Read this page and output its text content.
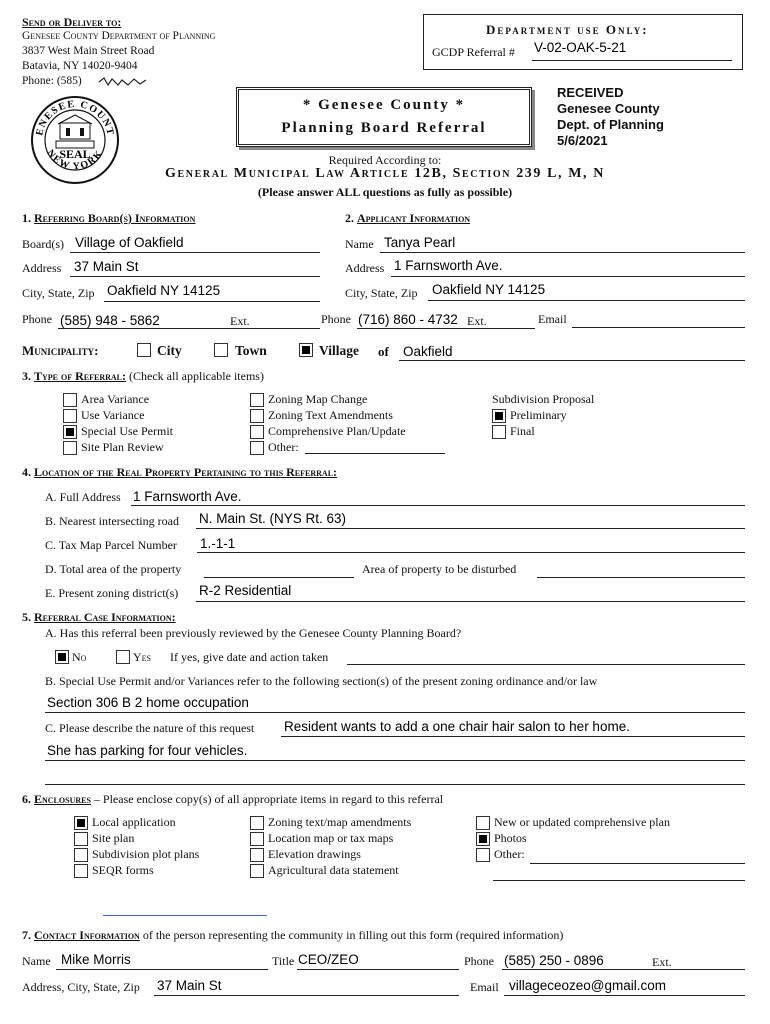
Send or Deliver to:
Genesee County Department of Planning
3837 West Main Street Road
Batavia, NY 14020-9404
Phone: (585)
Department use Only:
GCDP Referral # V-02-OAK-5-21
RECEIVED
Genesee County
Dept. of Planning
5/6/2021
* Genesee County *
Planning Board Referral
ENESEE COUNT
NEW YORK
SEAL	Required According to:
General Municipal Law Article 12B, Section 239 L, M, N
(Please answer ALL questions as fully as possible)
1. Referring Board(s) Information
Board(s) Village of Oakfield
Address 37 Main St
City, State, Zip Oakfield NY 14125
Phone (585) 948 - 5862	Ext.
2. Applicant Information
Name Tanya Pearl
Address 1 Farnsworth Ave.
City, State, Zip Oakfield NY 14125
Phone (716) 860 - 4732 Ext.	Email
Municipality:	City	Town	Village of Oakfield
3. Type of Referral: (Check all applicable items)
Area Variance
Use Variance
Special Use Permit
Site Plan Review
Zoning Map Change
Zoning Text Amendments
Comprehensive Plan/Update
Other:
Subdivision Proposal
Preliminary
Final
4. Location of the Real Property Pertaining to this Referral:
A. Full Address 1 Farnsworth Ave.
B. Nearest intersecting road N. Main St. (NYS Rt. 63)
C. Tax Map Parcel Number 1.-1-1
D. Total area of the property	Area of property to be disturbed
E. Present zoning district(s) R-2 Residential
5. Referral Case Information:
A. Has this referral been previously reviewed by the Genesee County Planning Board?
No	Yes If yes, give date and action taken
B. Special Use Permit and/or Variances refer to the following section(s) of the present zoning ordinance and/or law
Section 306 B 2 home occupation
C. Please describe the nature of this request Resident wants to add a one chair hair salon to her home.
She has parking for four vehicles.
6. Enclosures – Please enclose copy(s) of all appropriate items in regard to this referral
Local application
Site plan
Subdivision plot plans
SEQR forms
Zoning text/map amendments
Location map or tax maps
Elevation drawings
Agricultural data statement
New or updated comprehensive plan
Photos
Other:
7. Contact Information of the person representing the community in filling out this form (required information)
Name Mike Morris	Title CEO/ZEO	Phone (585) 250 - 0896	Ext.
Address, City, State, Zip 37 Main St	Email villageceozeo@gmail.com
